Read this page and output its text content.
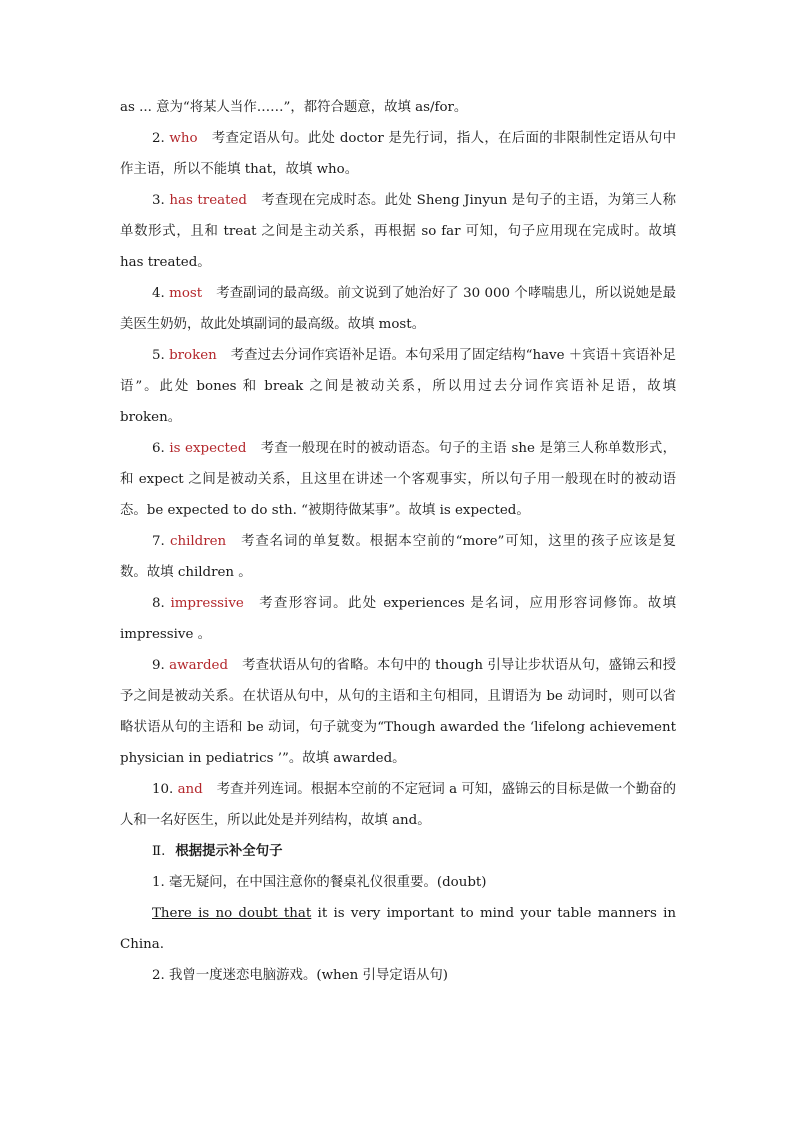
as ... 意为“将某人当作……”，都符合题意，故填 as/for。

2. who 考查定语从句。此处 doctor 是先行词，指人，在后面的非限制性定语从句中作主语，所以不能填 that，故填 who。

3. has treated 考查现在完成时态。此处 Sheng Jinyun 是句子的主语，为第三人称单数形式，且和 treat 之间是主动关系，再根据 so far 可知，句子应用现在完成时。故填 has treated。

4. most 考查副词的最高级。前文说到了她治好了 30 000 个哮喘患儿，所以说她是最美医生奶奶，故此处填副词的最高级。故填 most。

5. broken 考查过去分词作宾语补足语。本句采用了固定结构“have ＋宾语＋宾语补足语”。此处 bones 和 break 之间是被动关系，所以用过去分词作宾语补足语，故填 broken。

6. is expected 考查一般现在时的被动语态。句子的主语 she 是第三人称单数形式，和 expect 之间是被动关系，且这里在讲述一个客观事实，所以句子用一般现在时的被动语态。be expected to do sth. “被期待做某事”。故填 is expected。

7. children 考查名词的单复数。根据本空前的“more”可知，这里的孩子应该是复数。故填 children 。

8. impressive 考查形容词。此处 experiences 是名词，应用形容词修饰。故填 impressive 。

9. awarded 考查状语从句的省略。本句中的 though 引导让步状语从句，盛锦云和授予之间是被动关系。在状语从句中，从句的主语和主句相同，且谓语为 be 动词时，则可以省略状语从句的主语和 be 动词，句子就变为“Though awarded the ‘lifelong achievement physician in pediatrics ’”。故填 awarded。

10. and 考查并列连词。根据本空前的不定冠词 a 可知，盛锦云的目标是做一个勤奋的人和一名好医生，所以此处是并列结构，故填 and。

Ⅱ. 根据提示补全句子

1. 毫无疑问，在中国注意你的餐桌礼仪很重要。(doubt)

There is no doubt that it is very important to mind your table manners in China.

2. 我曾一度迷恋电脑游戏。(when 引导定语从句)
